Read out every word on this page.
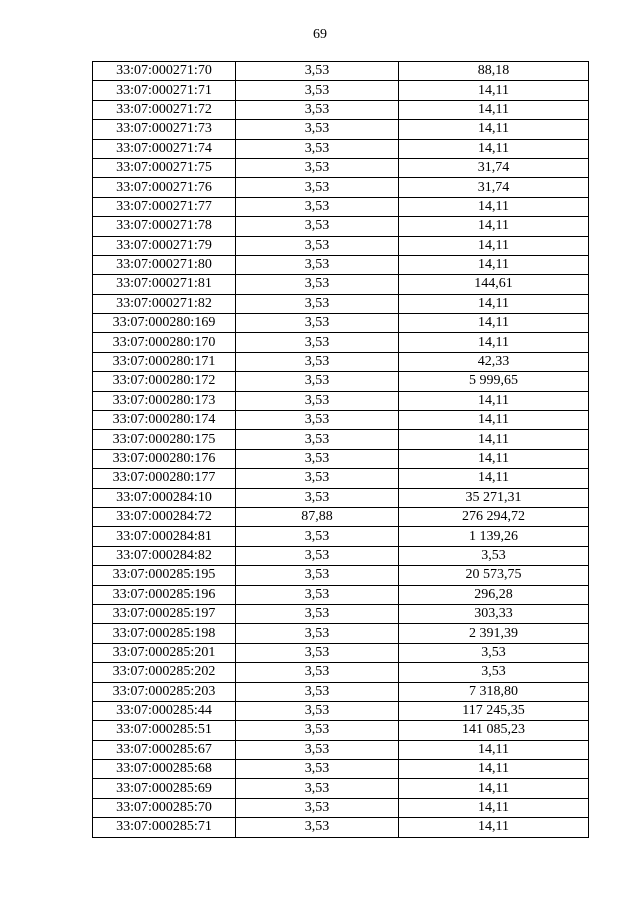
69
33:07:000271:70	3,53	88,18
33:07:000271:71	3,53	14,11
33:07:000271:72	3,53	14,11
33:07:000271:73	3,53	14,11
33:07:000271:74	3,53	14,11
33:07:000271:75	3,53	31,74
33:07:000271:76	3,53	31,74
33:07:000271:77	3,53	14,11
33:07:000271:78	3,53	14,11
33:07:000271:79	3,53	14,11
33:07:000271:80	3,53	14,11
33:07:000271:81	3,53	144,61
33:07:000271:82	3,53	14,11
33:07:000280:169	3,53	14,11
33:07:000280:170	3,53	14,11
33:07:000280:171	3,53	42,33
33:07:000280:172	3,53	5 999,65
33:07:000280:173	3,53	14,11
33:07:000280:174	3,53	14,11
33:07:000280:175	3,53	14,11
33:07:000280:176	3,53	14,11
33:07:000280:177	3,53	14,11
33:07:000284:10	3,53	35 271,31
33:07:000284:72	87,88	276 294,72
33:07:000284:81	3,53	1 139,26
33:07:000284:82	3,53	3,53
33:07:000285:195	3,53	20 573,75
33:07:000285:196	3,53	296,28
33:07:000285:197	3,53	303,33
33:07:000285:198	3,53	2 391,39
33:07:000285:201	3,53	3,53
33:07:000285:202	3,53	3,53
33:07:000285:203	3,53	7 318,80
33:07:000285:44	3,53	117 245,35
33:07:000285:51	3,53	141 085,23
33:07:000285:67	3,53	14,11
33:07:000285:68	3,53	14,11
33:07:000285:69	3,53	14,11
33:07:000285:70	3,53	14,11
33:07:000285:71	3,53	14,11
